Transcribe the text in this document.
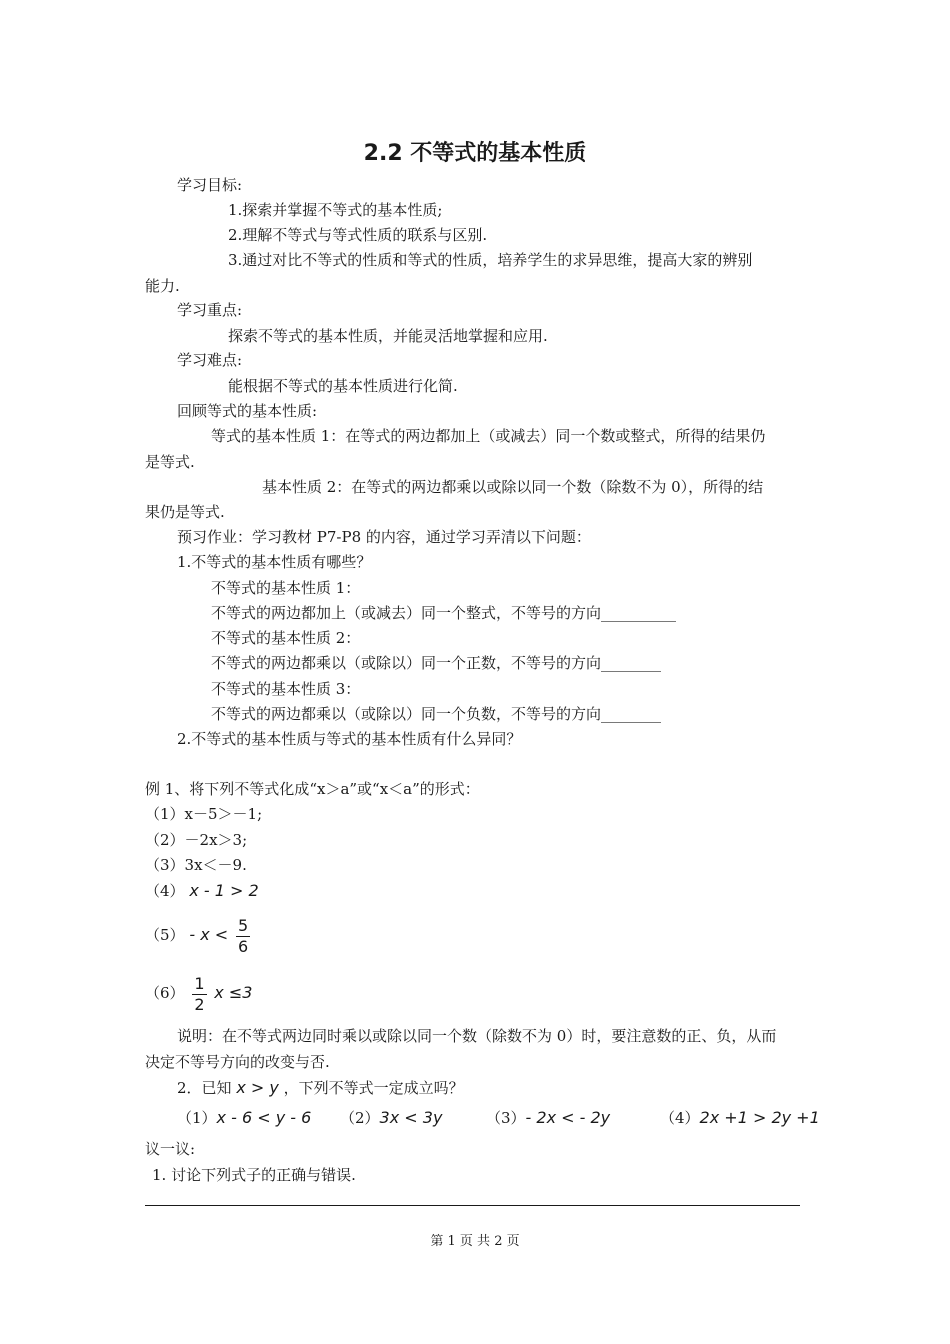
2.2 不等式的基本性质
学习目标:
1.探索并掌握不等式的基本性质;
2.理解不等式与等式性质的联系与区别.
3.通过对比不等式的性质和等式的性质，培养学生的求异思维，提高大家的辨别
能力.
学习重点:
探索不等式的基本性质，并能灵活地掌握和应用.
学习难点:
能根据不等式的基本性质进行化简.
回顾等式的基本性质:
等式的基本性质 1：在等式的两边都加上（或减去）同一个数或整式，所得的结果仍
是等式.
基本性质 2：在等式的两边都乘以或除以同一个数（除数不为 0），所得的结
果仍是等式.
预习作业：学习教材 P7-P8 的内容，通过学习弄清以下问题：
1.不等式的基本性质有哪些？
不等式的基本性质 1：
不等式的两边都加上（或减去）同一个整式，不等号的方向__________
不等式的基本性质 2：
不等式的两边都乘以（或除以）同一个正数，不等号的方向________
不等式的基本性质 3：
不等式的两边都乘以（或除以）同一个负数，不等号的方向________
2.不等式的基本性质与等式的基本性质有什么异同？
例 1、将下列不等式化成“x＞a”或“x＜a”的形式：
（1）x－5＞－1;
（2）－2x＞3;
（3）3x＜－9.
（4） x - 1 > 2
$(5) - x < \frac{5}{6}$
$(6) \frac{1}{2}$ x ≤3
说明：在不等式两边同时乘以或除以同一个数（除数不为 0）时，要注意数的正、负，从而
决定不等号方向的改变与否.
2．已知 x > y ，下列不等式一定成立吗？
（1）x - 6 < y - 6 （2）3x < 3y	（3）- 2x < - 2y	（4）2x +1 > 2y +1
议一议:
1. 讨论下列式子的正确与错误.
第 1 页 共 2 页
